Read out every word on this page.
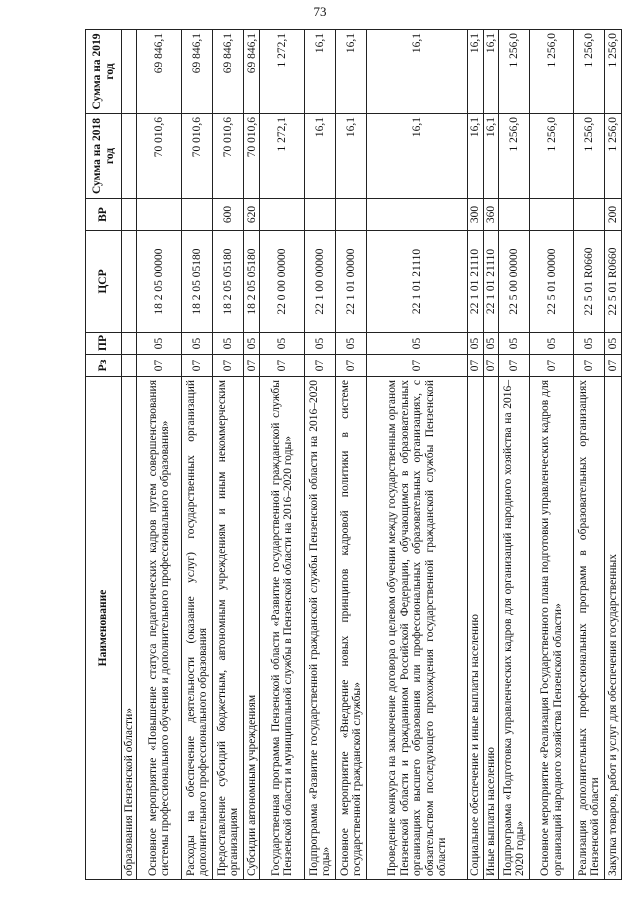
73
Наименование	Рз	ПР	ЦСР	ВР	Сумма на 2018 год	Сумма на 2019 год
образования Пензенской области»						
Основное мероприятие «Повышение статуса педагогических кадров путем совершенствования системы профессионального обучения и дополнительного профессионального образования»	07	05	18 2 05 00000		70 010,6	69 846,1
Расходы на обеспечение деятельности (оказание услуг) государственных организаций дополнительного профессионального образования	07	05	18 2 05 05180		70 010,6	69 846,1
Предоставление субсидий бюджетным, автономным учреждениям и иным некоммерческим организациям	07	05	18 2 05 05180	600	70 010,6	69 846,1
Субсидии автономным учреждениям	07	05	18 2 05 05180	620	70 010,6	69 846,1
Государственная программа Пензенской области «Развитие государственной гражданской службы Пензенской области и муниципальной службы в Пензенской области на 2016–2020 годы»	07	05	22 0 00 00000		1 272,1	1 272,1
Подпрограмма «Развитие государственной гражданской службы Пензенской области на 2016–2020 годы»	07	05	22 1 00 00000		16,1	16,1
Основное мероприятие «Внедрение новых принципов кадровой политики в системе государственной гражданской службы»	07	05	22 1 01 00000		16,1	16,1
Проведение конкурса на заключение договора о целевом обучении между государственным органом Пензенской области и гражданином Российской Федерации, обучающимся в образовательных организациях высшего образования или профессиональных образовательных организациях, с обязательством последующего прохождения государственной гражданской службы Пензенской области	07	05	22 1 01 21110		16,1	16,1
Социальное обеспечение и иные выплаты населению	07	05	22 1 01 21110	300	16,1	16,1
Иные выплаты населению	07	05	22 1 01 21110	360	16,1	16,1
Подпрограмма «Подготовка управленческих кадров для организаций народного хозяйства на 2016–2020 годы»	07	05	22 5 00 00000		1 256,0	1 256,0
Основное мероприятие «Реализация Государственного плана подготовки управленческих кадров для организаций народного хозяйства Пензенской области»	07	05	22 5 01 00000		1 256,0	1 256,0
Реализация дополнительных профессиональных программ в образовательных организациях Пензенской области	07	05	22 5 01 R0660		1 256,0	1 256,0
Закупка товаров, работ и услуг для обеспечения государственных	07	05	22 5 01 R0660	200	1 256,0	1 256,0
